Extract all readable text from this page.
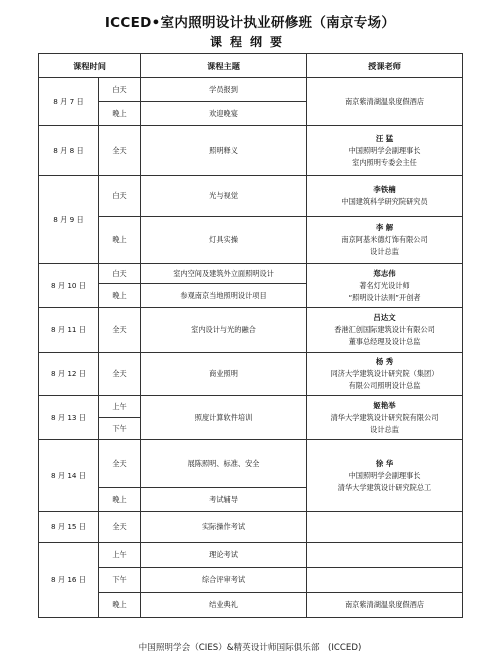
ICCED•室内照明设计执业研修班（南京专场）
课程纲要
课程时间		课程主题	授课老师
8 月 7 日	白天	学员报到	南京紫清湖温泉度假酒店

	晚上	欢迎晚宴	
8 月 8 日	全天	照明释义	汪 猛
中国照明学会副理事长
室内照明专委会主任

8 月 9 日	白天	光与视觉	李铁楠
中国建筑科学研究院研究员

	晚上	灯具实操	李 解
南京阿基米德灯饰有限公司
设计总监

8 月 10 日	白天	室内空间及建筑外立面照明设计	郑志伟
著名灯光设计师
“照明设计法则”开创者

	晚上	参观南京当地照明设计项目	
8 月 11 日	全天	室内设计与光的融合	吕达文
香港汇创国际建筑设计有限公司
董事总经理及设计总监

8 月 12 日	全天	商业照明	杨 秀
同济大学建筑设计研究院（集团）
有限公司照明设计总监

8 月 13 日	上午	照度计算软件培训	姬艳举
清华大学建筑设计研究院有限公司
设计总监

	下午		
8 月 14 日	全天	展陈照明、标准、安全	徐 华
中国照明学会副理事长
清华大学建筑设计研究院总工

	晚上	考试辅导	
8 月 15 日	全天	实际操作考试	
8 月 16 日	上午	理论考试	
	下午	综合评审考试	
	晚上	结业典礼	南京紫清湖温泉度假酒店
中国照明学会（CIES）&精英设计师国际俱乐部　(ICCED)
